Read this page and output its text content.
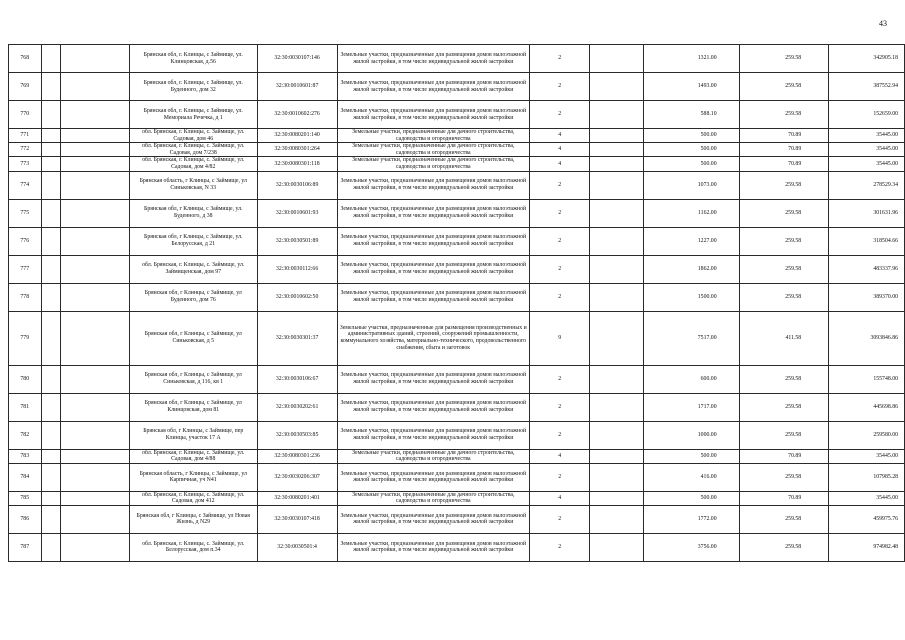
43
768			Брянская обл, г. Клинцы, с Займище, ул. Клинцовская, д.56	32:30:0030107:146	Земельные участки, предназначенные для размещения домов малоэтажной жилой застройки, в том числе индивидуальной жилой застройки	2		1321.00	259.58	342905.18
769			Брянская обл, г. Клинцы, с Займище, ул. Буденного, дом 32	32:30:0010601:87	Земельные участки, предназначенные для размещения домов малоэтажной жилой застройки, в том числе индивидуальной жилой застройки	2		1493.00	259.58	387552.94
770			Брянская обл, г. Клинцы, с Займище, ул. Мемориала Речечка, д 1	32:30:0010602:276	Земельные участки, предназначенные для размещения домов малоэтажной жилой застройки, в том числе индивидуальной жилой застройки	2		588.10	259.58	152659.00
771			обл. Брянская, г. Клинцы, с. Займище, ул. Садовая, дом 46	32:30:0080201:140	Земельные участки, предназначенные для дачного строительства, садоводства и огородничества	4		500.00	70.89	35445.00
772			обл. Брянская, г. Клинцы, с. Займище, ул. Садовая, дом 7/238	32:30:0080301:264	Земельные участки, предназначенные для дачного строительства, садоводства и огородничества	4		500.00	70.89	35445.00
773			обл. Брянская, г. Клинцы, с. Займище, ул. Садовая, дом 4/82	32:30:0080301:118	Земельные участки, предназначенные для дачного строительства, садоводства и огородничества	4		500.00	70.89	35445.00
774			Брянская область, г Клинцы, с Займище, ул Синьковская, N 33	32:30:0030106:89	Земельные участки, предназначенные для размещения домов малоэтажной жилой застройки, в том числе индивидуальной жилой застройки	2		1073.00	259.58	278529.34
775			Брянская обл, г Клинцы, с Займище, ул. Буденного, д 38	32:30:0010601:93	Земельные участки, предназначенные для размещения домов малоэтажной жилой застройки, в том числе индивидуальной жилой застройки	2		1162.00	259.58	301631.96
776			Брянская обл, г Клинцы, с Займище, ул. Белорусская, д 21	32:30:0030501:89	Земельные участки, предназначенные для размещения домов малоэтажной жилой застройки, в том числе индивидуальной жилой застройки	2		1227.00	259.58	318504.66
777			обл. Брянская, г. Клинцы, с. Займище, ул. Займищенская, дом 97	32:30:0030112:66	Земельные участки, предназначенные для размещения домов малоэтажной жилой застройки, в том числе индивидуальной жилой застройки	2		1862.00	259.58	483337.96
778			Брянская обл, г Клинцы, с Займище, ул Буденного, дом 76	32:30:0010602:50	Земельные участки, предназначенные для размещения домов малоэтажной жилой застройки, в том числе индивидуальной жилой застройки	2		1500.00	259.58	389370.00
779			Брянская обл, г Клинцы, с Займище, ул Синьковская, д 5	32:30:0030301:37	Земельные участки, предназначенные для размещения производственных и административных зданий, строений, сооружений промышленности, коммунального хозяйства, материально-технического, продовольственного снабжения, сбыта и заготовок	9		7517.00	411.58	3093846.86
780			Брянская обл, г Клинцы, с Займище, ул Синьковская, д 116, кв 1	32:30:0030106:67	Земельные участки, предназначенные для размещения домов малоэтажной жилой застройки, в том числе индивидуальной жилой застройки	2		600.00	259.58	155748.00
781			Брянская обл, г Клинцы, с Займище, ул Клинцовская, дом 81	32:30:0030202:61	Земельные участки, предназначенные для размещения домов малоэтажной жилой застройки, в том числе индивидуальной жилой застройки	2		1717.00	259.58	445698.86
782			Брянская обл, г Клинцы, с Займище, пер Клинцы, участок 17 А	32:30:0030503:85	Земельные участки, предназначенные для размещения домов малоэтажной жилой застройки, в том числе индивидуальной жилой застройки	2		1000.00	259.58	259580.00
783			обл. Брянская, г. Клинцы, с. Займище, ул. Садовая, дом 4/88	32:30:0080301:236	Земельные участки, предназначенные для дачного строительства, садоводства и огородничества	4		500.00	70.89	35445.00
784			Брянская область, г Клинцы, с Займище, ул Карпичная, уч N41	32:30:0030206:307	Земельные участки, предназначенные для размещения домов малоэтажной жилой застройки, в том числе индивидуальной жилой застройки	2		416.00	259.58	107985.28
785			обл. Брянская, г. Клинцы, с. Займище, ул. Садовая, дом 412	32:30:0080201:401	Земельные участки, предназначенные для дачного строительства, садоводства и огородничества	4		500.00	70.89	35445.00
786			Брянская обл, г Клинцы, с Займище, ул Новая Жизнь, д N29	32:30:0030107:418	Земельные участки, предназначенные для размещения домов малоэтажной жилой застройки, в том числе индивидуальной жилой застройки	2		1772.00	259.58	459975.76
787			обл. Брянская, г. Клинцы, с. Займище, ул. Белорусская, дом п.34	32:30:0030501:4	Земельные участки, предназначенные для размещения домов малоэтажной жилой застройки, в том числе индивидуальной жилой застройки	2		3756.00	259.58	974982.48
